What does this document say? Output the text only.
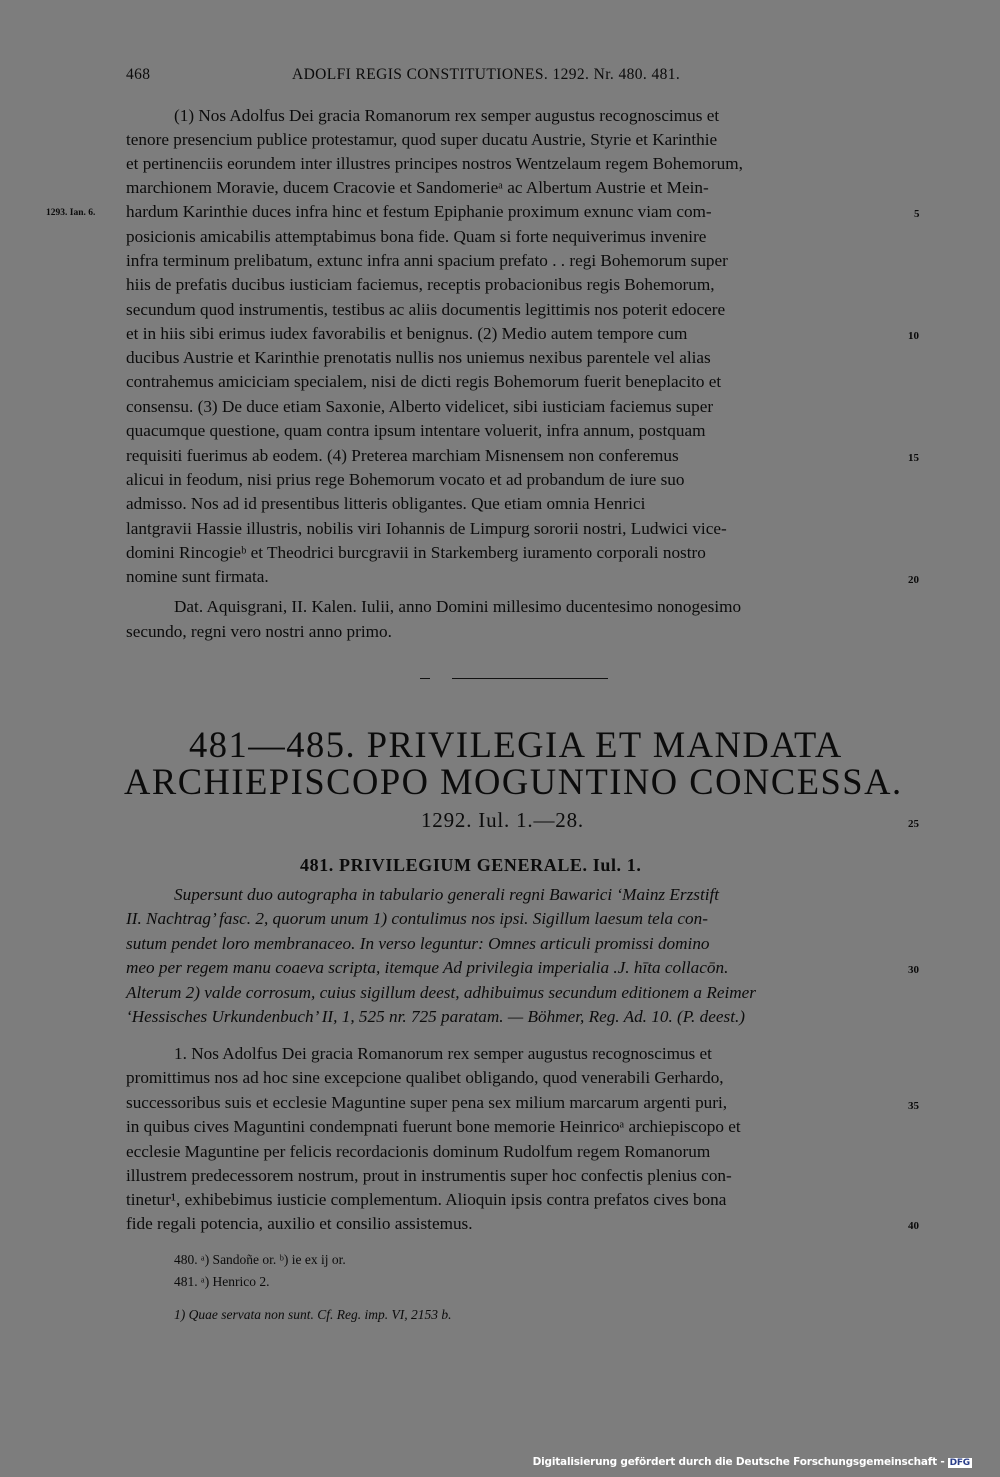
468	ADOLFI REGIS CONSTITUTIONES. 1292. Nr. 480. 481.
(1) Nos Adolfus Dei gracia Romanorum rex semper augustus recognoscimus et
tenore presencium publice protestamur, quod super ducatu Austrie, Styrie et Karinthie
et pertinenciis eorundem inter illustres principes nostros Wentzelaum regem Bohemorum,
marchionem Moravie, ducem Cracovie et Sandomerieᵃ ac Albertum Austrie et Mein-
hardum Karinthie duces infra hinc et festum Epiphanie proximum exnunc viam com-
posicionis amicabilis attemptabimus bona fide. Quam si forte nequiverimus invenire
infra terminum prelibatum, extunc infra anni spacium prefato . . regi Bohemorum super
hiis de prefatis ducibus iusticiam faciemus, receptis probacionibus regis Bohemorum,
secundum quod instrumentis, testibus ac aliis documentis legittimis nos poterit edocere
et in hiis sibi erimus iudex favorabilis et benignus. (2) Medio autem tempore cum
ducibus Austrie et Karinthie prenotatis nullis nos uniemus nexibus parentele vel alias
contrahemus amiciciam specialem, nisi de dicti regis Bohemorum fuerit beneplacito et
consensu. (3) De duce etiam Saxonie, Alberto videlicet, sibi iusticiam faciemus super
quacumque questione, quam contra ipsum intentare voluerit, infra annum, postquam
requisiti fuerimus ab eodem. (4) Preterea marchiam Misnensem non conferemus
alicui in feodum, nisi prius rege Bohemorum vocato et ad probandum de iure suo
admisso. Nos ad id presentibus litteris obligantes. Que etiam omnia Henrici
lantgravii Hassie illustris, nobilis viri Iohannis de Limpurg sororii nostri, Ludwici vice-
domini Rincogieᵇ et Theodrici burcgravii in Starkemberg iuramento corporali nostro
nomine sunt firmata.
Dat. Aquisgrani, II. Kalen. Iulii, anno Domini millesimo ducentesimo nonogesimo
secundo, regni vero nostri anno primo.
1293. Ian. 6.	5
10
15
20
481—485. PRIVILEGIA ET MANDATA
ARCHIEPISCOPO MOGUNTINO CONCESSA.
1292. Iul. 1.—28.	25
481. PRIVILEGIUM GENERALE. Iul. 1.
Supersunt duo autographa in tabulario generali regni Bawarici ‘Mainz Erzstift
II. Nachtrag’ fasc. 2, quorum unum 1) contulimus nos ipsi. Sigillum laesum tela con-
sutum pendet loro membranaceo. In verso leguntur: Omnes articuli promissi domino
meo per regem manu coaeva scripta, itemque Ad privilegia imperialia .J. hīta collacōn.
Alterum 2) valde corrosum, cuius sigillum deest, adhibuimus secundum editionem a Reimer
‘Hessisches Urkundenbuch’ II, 1, 525 nr. 725 paratam. — Böhmer, Reg. Ad. 10. (P. deest.)
30
1. Nos Adolfus Dei gracia Romanorum rex semper augustus recognoscimus et
promittimus nos ad hoc sine excepcione qualibet obligando, quod venerabili Gerhardo,
successoribus suis et ecclesie Maguntine super pena sex milium marcarum argenti puri,
in quibus cives Maguntini condempnati fuerunt bone memorie Heinricoᵃ archiepiscopo et
ecclesie Maguntine per felicis recordacionis dominum Rudolfum regem Romanorum
illustrem predecessorem nostrum, prout in instrumentis super hoc confectis plenius con-
tinetur¹, exhibebimus iusticie complementum. Alioquin ipsis contra prefatos cives bona
fide regali potencia, auxilio et consilio assistemus.
35
40
480. ᵃ) Sandoñe or. ᵇ) ie ex ij or.
481. ᵃ) Henrico 2.
1) Quae servata non sunt. Cf. Reg. imp. VI, 2153 b.
Digitalisierung gefördert durch die Deutsche Forschungsgemeinschaft - DFG
